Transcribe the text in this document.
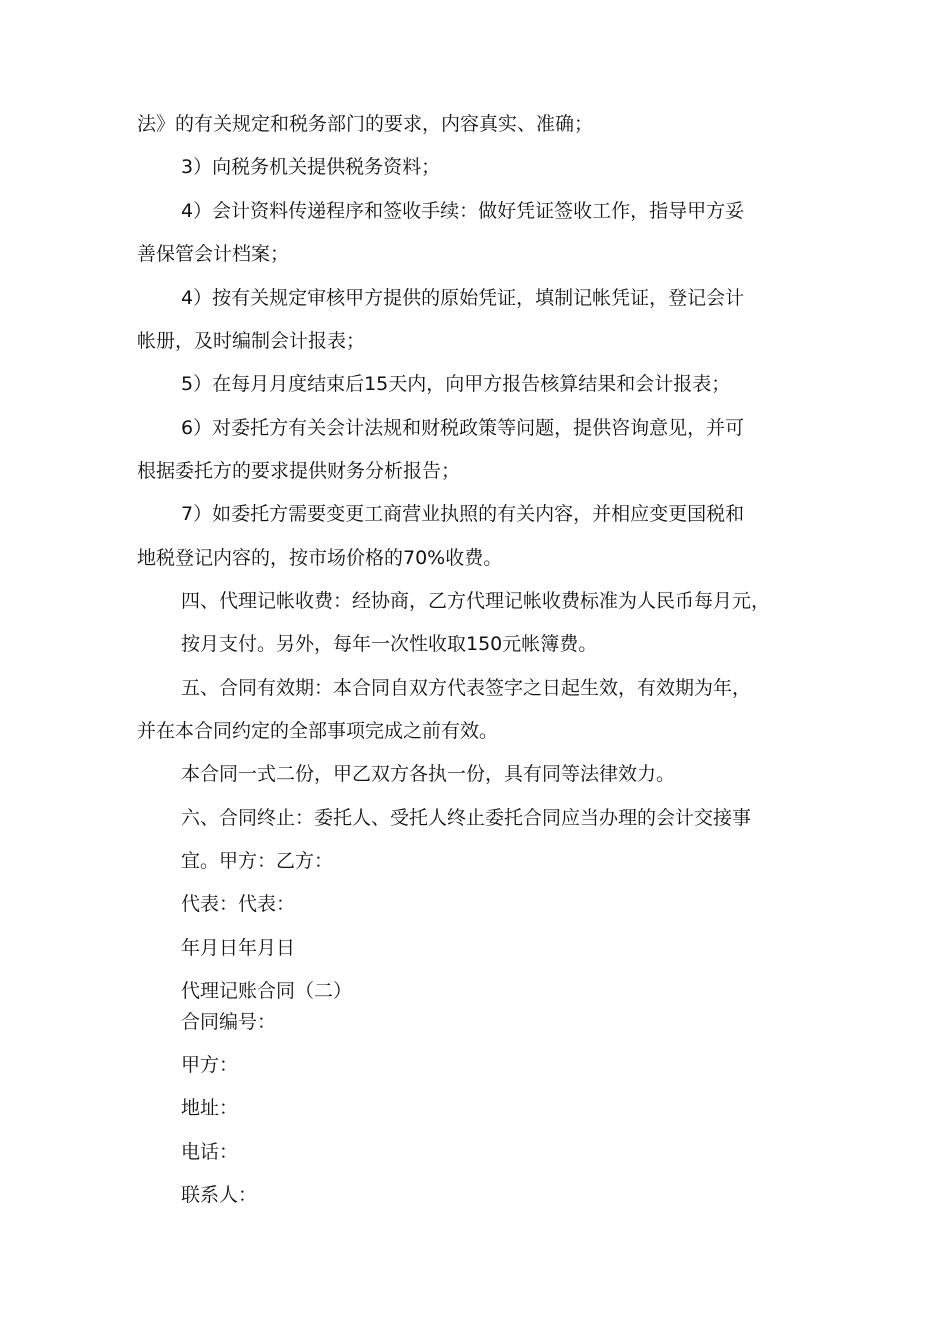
法》的有关规定和税务部门的要求，内容真实、准确；
3）向税务机关提供税务资料；
4）会计资料传递程序和签收手续：做好凭证签收工作，指导甲方妥
善保管会计档案；
4）按有关规定审核甲方提供的原始凭证，填制记帐凭证，登记会计
帐册，及时编制会计报表；
5）在每月月度结束后15天内，向甲方报告核算结果和会计报表；
6）对委托方有关会计法规和财税政策等问题，提供咨询意见，并可
根据委托方的要求提供财务分析报告；
7）如委托方需要变更工商营业执照的有关内容，并相应变更国税和
地税登记内容的，按市场价格的70%收费。
四、代理记帐收费：经协商，乙方代理记帐收费标准为人民币每月元，
按月支付。另外，每年一次性收取150元帐簿费。
五、合同有效期：本合同自双方代表签字之日起生效，有效期为年，
并在本合同约定的全部事项完成之前有效。
本合同一式二份，甲乙双方各执一份，具有同等法律效力。
六、合同终止：委托人、受托人终止委托合同应当办理的会计交接事
宜。甲方：乙方：
代表：代表：
年月日年月日
代理记账合同（二）
合同编号：
甲方：
地址：
电话：
联系人：
